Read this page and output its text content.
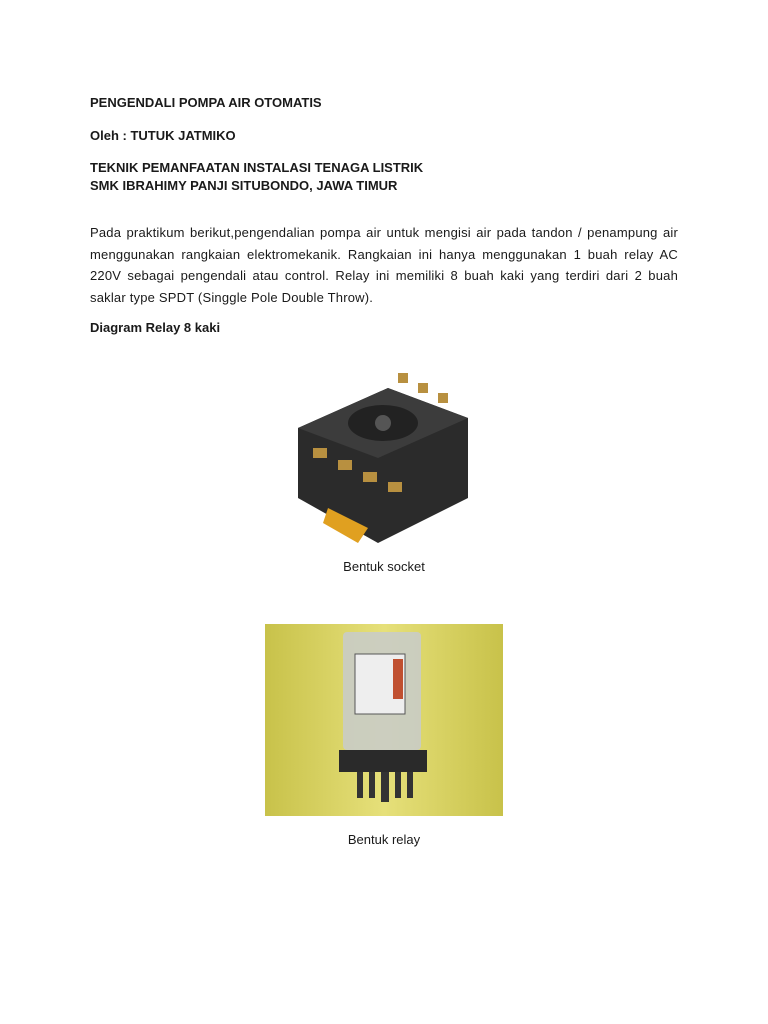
PENGENDALI POMPA AIR OTOMATIS
Oleh : TUTUK JATMIKO
TEKNIK PEMANFAATAN INSTALASI TENAGA LISTRIK
SMK IBRAHIMY PANJI SITUBONDO, JAWA TIMUR
Pada praktikum berikut,pengendalian pompa air untuk mengisi air pada tandon / penampung air menggunakan rangkaian elektromekanik. Rangkaian ini hanya menggunakan 1 buah relay AC 220V sebagai pengendali atau control. Relay ini memiliki 8 buah kaki yang terdiri dari 2 buah saklar type SPDT (Singgle Pole Double Throw).
Diagram Relay 8 kaki
Bentuk socket
Bentuk relay
